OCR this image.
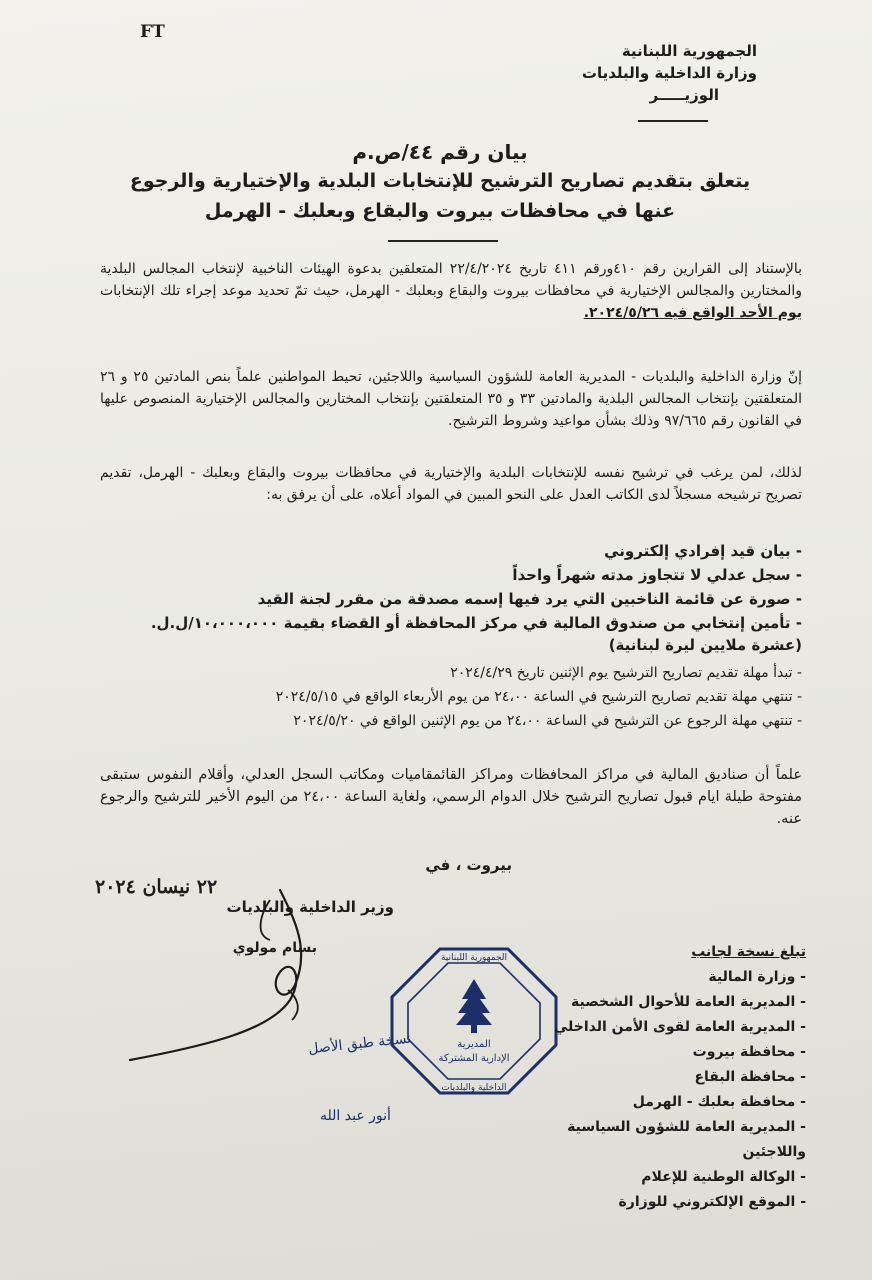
FT
الجمهورية اللبنانية
وزارة الداخلية والبلديات
الوزيـــــر
بيان رقم ٤٤/ص.م
يتعلق بتقديم تصاريح الترشيح للإنتخابات البلدية والإختيارية والرجوع عنها في محافظات بيروت والبقاع وبعلبك - الهرمل
بالإستناد إلى القرارين رقم ٤١٠ورقم ٤١١ تاريخ ٢٢/٤/٢٠٢٤ المتعلقين بدعوة الهيئات الناخبية لإنتخاب المجالس البلدية والمختارين والمجالس الإختيارية في محافظات بيروت والبقاع وبعلبك - الهرمل، حيث تمّ تحديد موعد إجراء تلك الإنتخابات يوم الأحد الواقع فيه ٢٠٢٤/٥/٢٦.
إنّ وزارة الداخلية والبلديات - المديرية العامة للشؤون السياسية واللاجئين، تحيط المواطنين علماً بنص المادتين ٢٥ و ٢٦ المتعلقتين بإنتخاب المجالس البلدية والمادتين ٣٣ و ٣٥ المتعلقتين بإنتخاب المختارين والمجالس الإختيارية المنصوص عليها في القانون رقم ٩٧/٦٦٥ وذلك بشأن مواعيد وشروط الترشيح.
لذلك، لمن يرغب في ترشيح نفسه للإنتخابات البلدية والإختيارية في محافظات بيروت والبقاع وبعلبك - الهرمل، تقديم تصريح ترشيحه مسجلاً لدى الكاتب العدل على النحو المبين في المواد أعلاه، على أن يرفق به:
- بيان قيد إفرادي إلكتروني
- سجل عدلي لا تتجاوز مدته شهراً واحداً
- صورة عن قائمة الناخبين التي يرد فيها إسمه مصدقة من مقرر لجنة القيد
- تأمين إنتخابي من صندوق المالية في مركز المحافظة أو القضاء بقيمة ١٠،٠٠٠،٠٠٠/ل.ل. (عشرة ملايين ليرة لبنانية)
- تبدأ مهلة تقديم تصاريح الترشيح يوم الإثنين تاريخ ٢٠٢٤/٤/٢٩
- تنتهي مهلة تقديم تصاريح الترشيح في الساعة ٢٤،٠٠ من يوم الأربعاء الواقع في ٢٠٢٤/٥/١٥
- تنتهي مهلة الرجوع عن الترشيح في الساعة ٢٤،٠٠ من يوم الإثنين الواقع في ٢٠٢٤/٥/٢٠
علماً أن صناديق المالية في مراكز المحافظات ومراكز القائمقاميات ومكاتب السجل العدلي، وأقلام النفوس ستبقى مفتوحة طيلة ايام قبول تصاريح الترشيح خلال الدوام الرسمي، ولغاية الساعة ٢٤،٠٠ من اليوم الأخير للترشيح والرجوع عنه.
بيروت ، في
٢٢ نيسان ٢٠٢٤
وزير الداخلية والبلديات
بسام مولوي
الجمهورية اللبنانية
المديرية
الإدارية المشتركة
الداخلية والبلديات
نسخة طبق الأصل
أنور عبد الله
تبلغ نسخة لجانب
- وزارة المالية
- المديرية العامة للأحوال الشخصية
- المديرية العامة لقوى الأمن الداخلي
- محافظة بيروت
- محافظة البقاع
- محافظة بعلبك - الهرمل
- المديرية العامة للشؤون السياسية واللاجئين
- الوكالة الوطنية للإعلام
- الموقع الإلكتروني للوزارة
